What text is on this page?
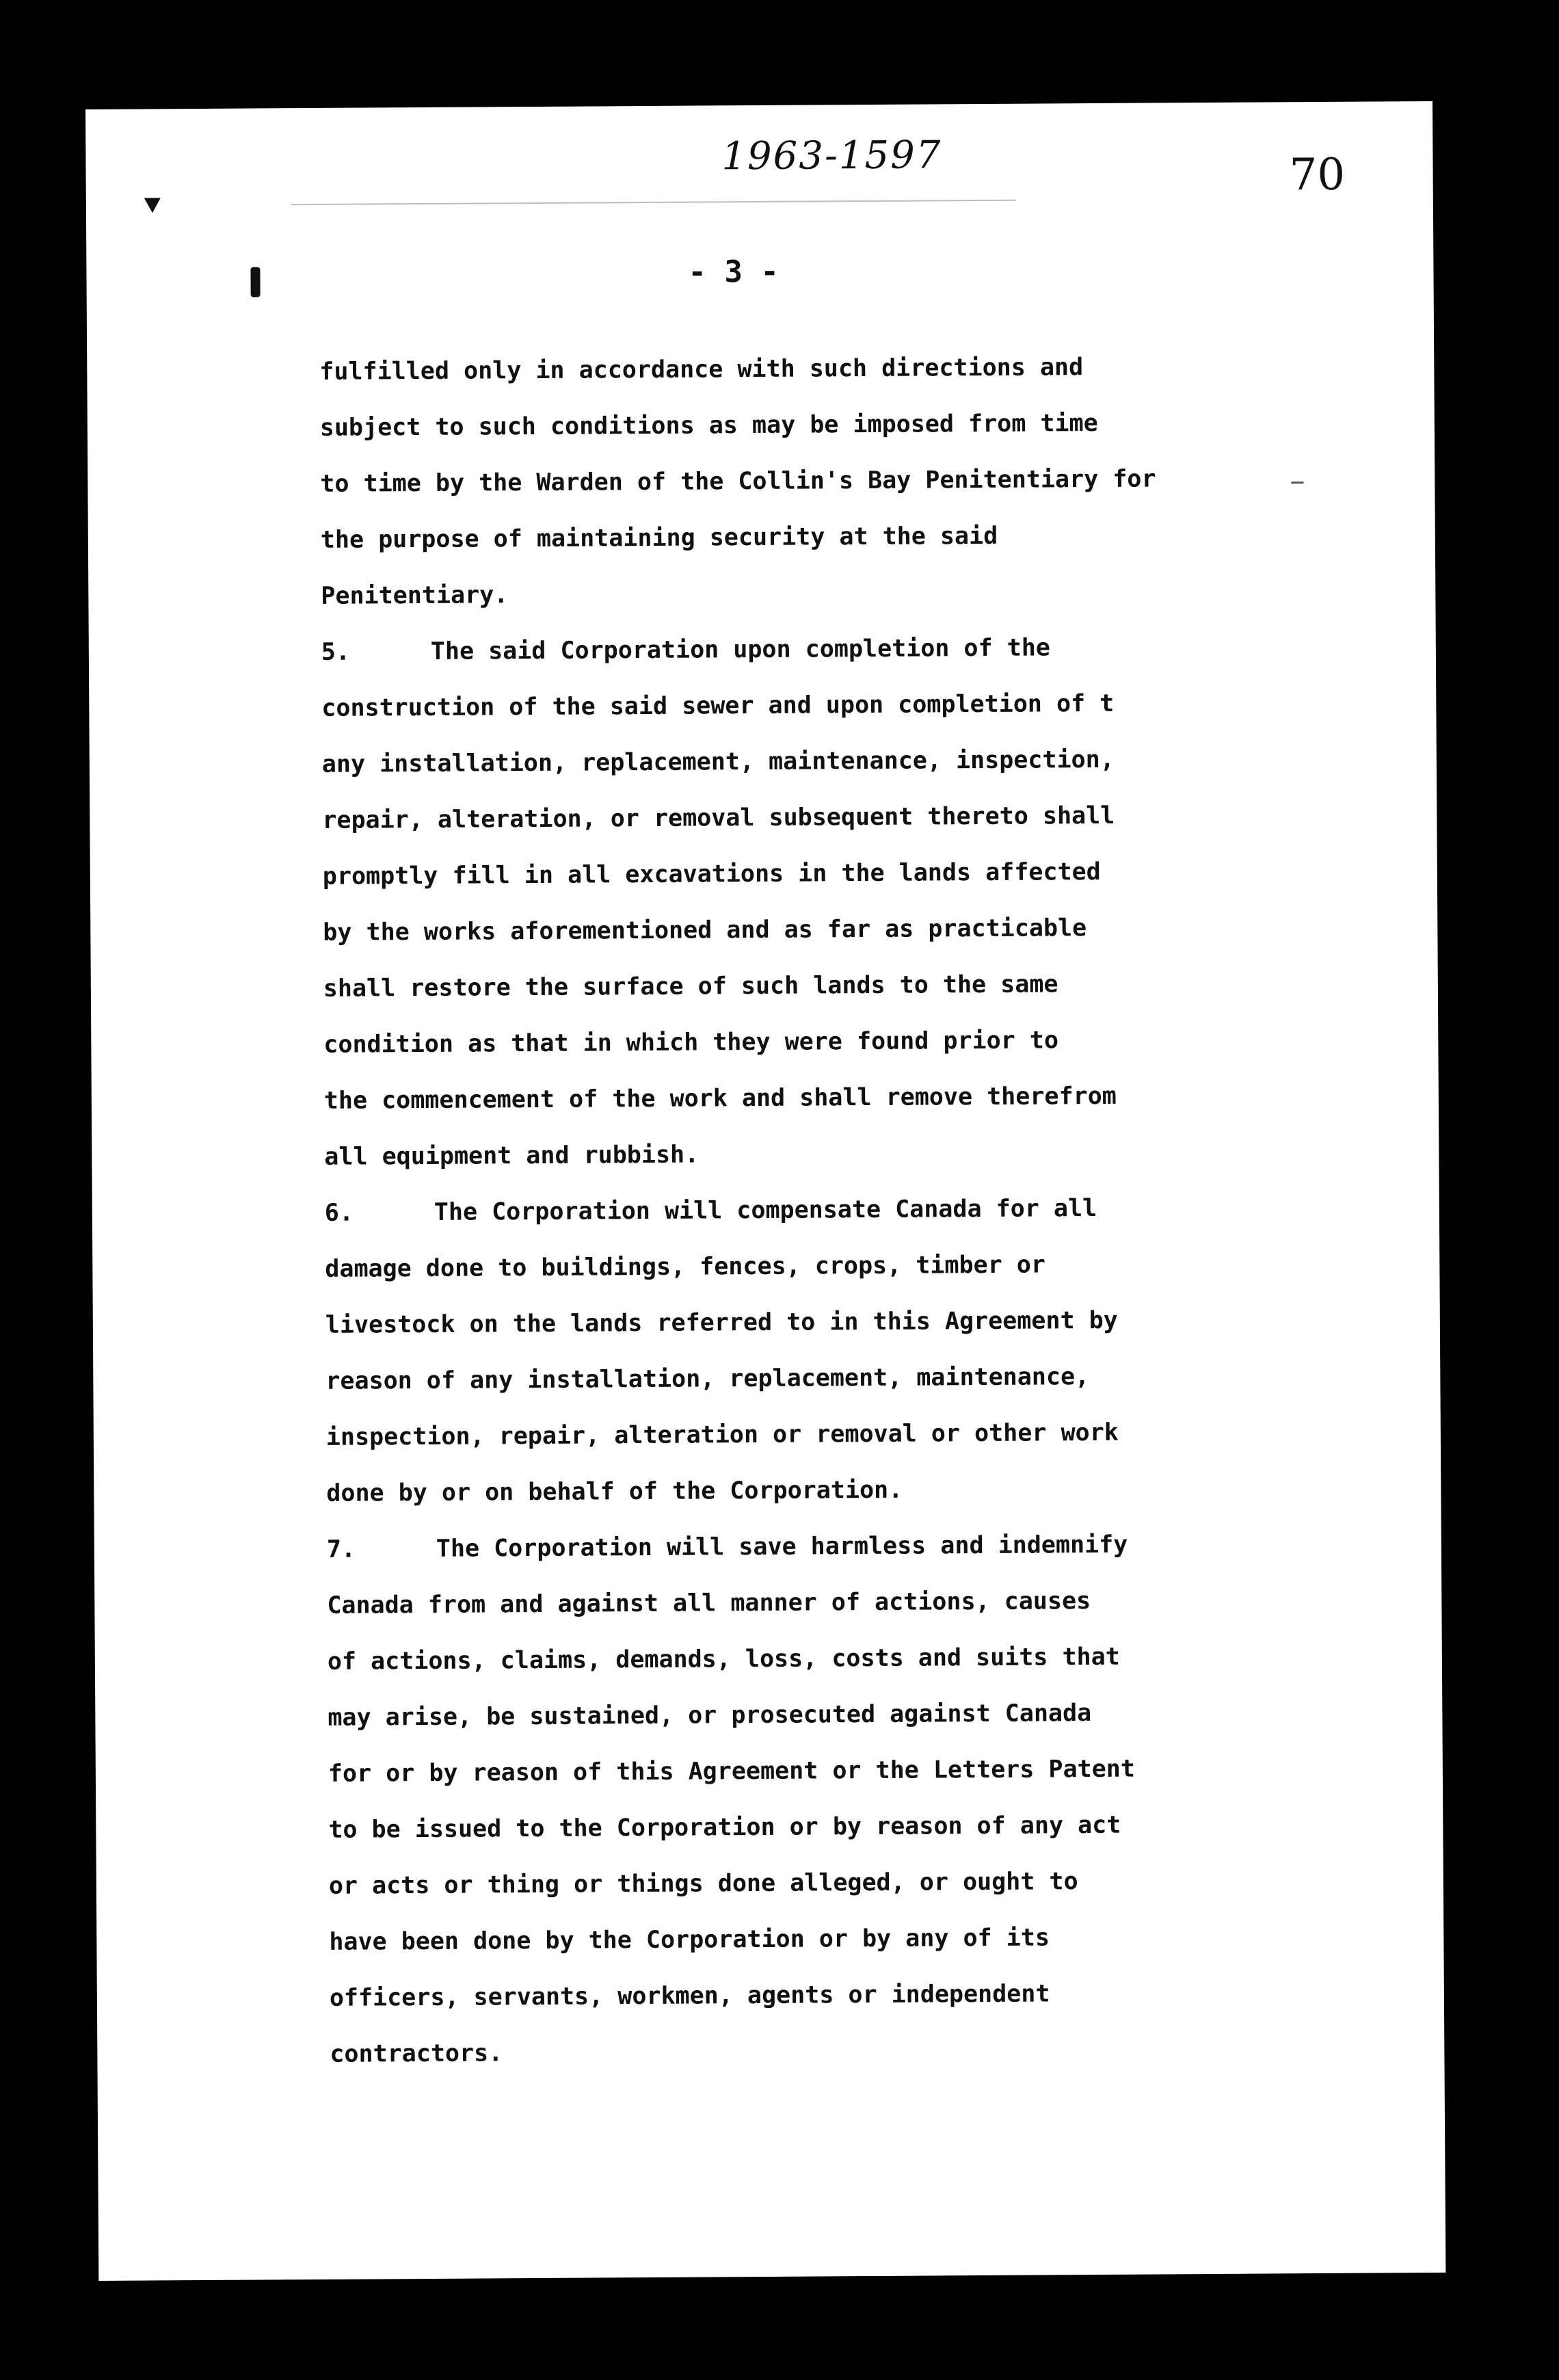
1963-1597	70
- 3 -
fulfilled only in accordance with such directions and
subject to such conditions as may be imposed from time
to time by the Warden of the Collin's Bay Penitentiary for
the purpose of maintaining security at the said
Penitentiary.
5.	The said Corporation upon completion of the
construction of the said sewer and upon completion of t
any installation, replacement, maintenance, inspection,
repair, alteration, or removal subsequent thereto shall
promptly fill in all excavations in the lands affected
by the works aforementioned and as far as practicable
shall restore the surface of such lands to the same
condition as that in which they were found prior to
the commencement of the work and shall remove therefrom
all equipment and rubbish.
6.	The Corporation will compensate Canada for all
damage done to buildings, fences, crops, timber or
livestock on the lands referred to in this Agreement by
reason of any installation, replacement, maintenance,
inspection, repair, alteration or removal or other work
done by or on behalf of the Corporation.
7.	The Corporation will save harmless and indemnify
Canada from and against all manner of actions, causes
of actions, claims, demands, loss, costs and suits that
may arise, be sustained, or prosecuted against Canada
for or by reason of this Agreement or the Letters Patent
to be issued to the Corporation or by reason of any act
or acts or thing or things done alleged, or ought to
have been done by the Corporation or by any of its
officers, servants, workmen, agents or independent
contractors.
